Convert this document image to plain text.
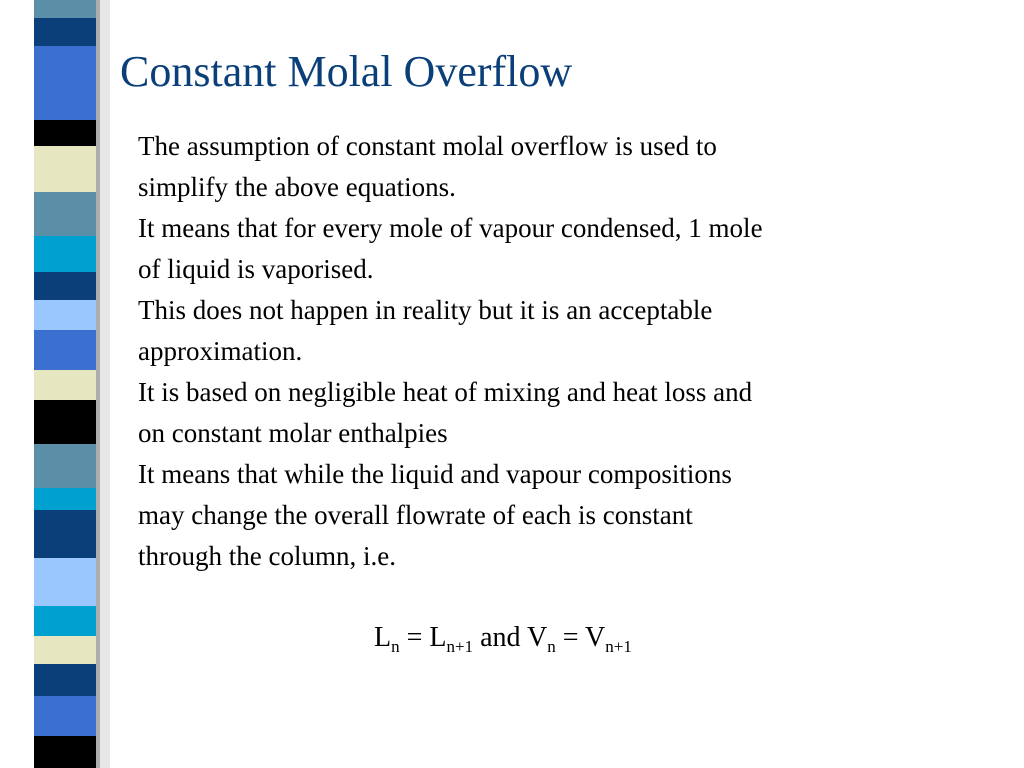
Constant Molal Overflow
The assumption of constant molal overflow is used to
simplify the above equations.
It means that for every mole of vapour condensed, 1 mole
of liquid is vaporised.
This does not happen in reality but it is an acceptable
approximation.
It is based on negligible heat of mixing and heat loss and
on constant molar enthalpies
It means that while the liquid and vapour compositions
may change the overall flowrate of each is constant
through the column, i.e.
$L_n = L_{n+1}$ and $V_n = V_{n+1}$
